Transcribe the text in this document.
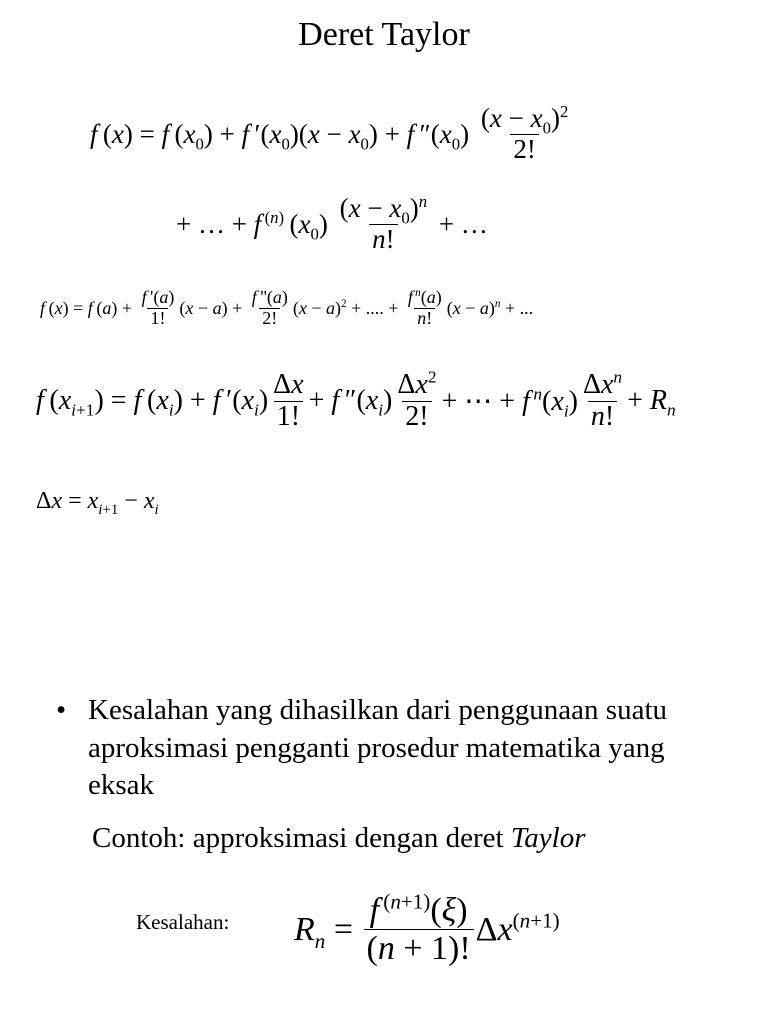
Deret Taylor
f (x) = f $(x_0) + f$ $'(x_0)(x - x_0) + f$ $''(x_0) \frac{(x - x_0)^2}{2!}$
+ … + f $^{(n)}$ $(x_0) \frac{(x - x_0)^n}{n!}$ + …
f (x) = f $(a) + \frac{f '(a)}{1!} (x - a) + \frac{f ''(a)}{2!} (x - a)^2$ + .... + $\frac{f ^n(a)}{n!} (x - a)^n$ + ...
f $(x_{i+1}) = f$ $(x_i) + f$ $'(x_i) \frac{\Delta x}{1!} + f$ $''(x_i) \frac{\Delta x^2}{2!}$ + ⋯ + f  $^n(x_i) \frac{\Delta x^n}{n!} + R_n$
$\Delta x = x_{i+1} - x_i$
• Kesalahan yang dihasilkan dari penggunaan suatu aproksimasi pengganti prosedur matematika yang eksak
Contoh: approksimasi dengan deret Taylor
Kesalahan: $R_n = \frac{f ^{(n+1)}(\xi)}{(n + 1)!} \Delta x^{(n+1)}$
